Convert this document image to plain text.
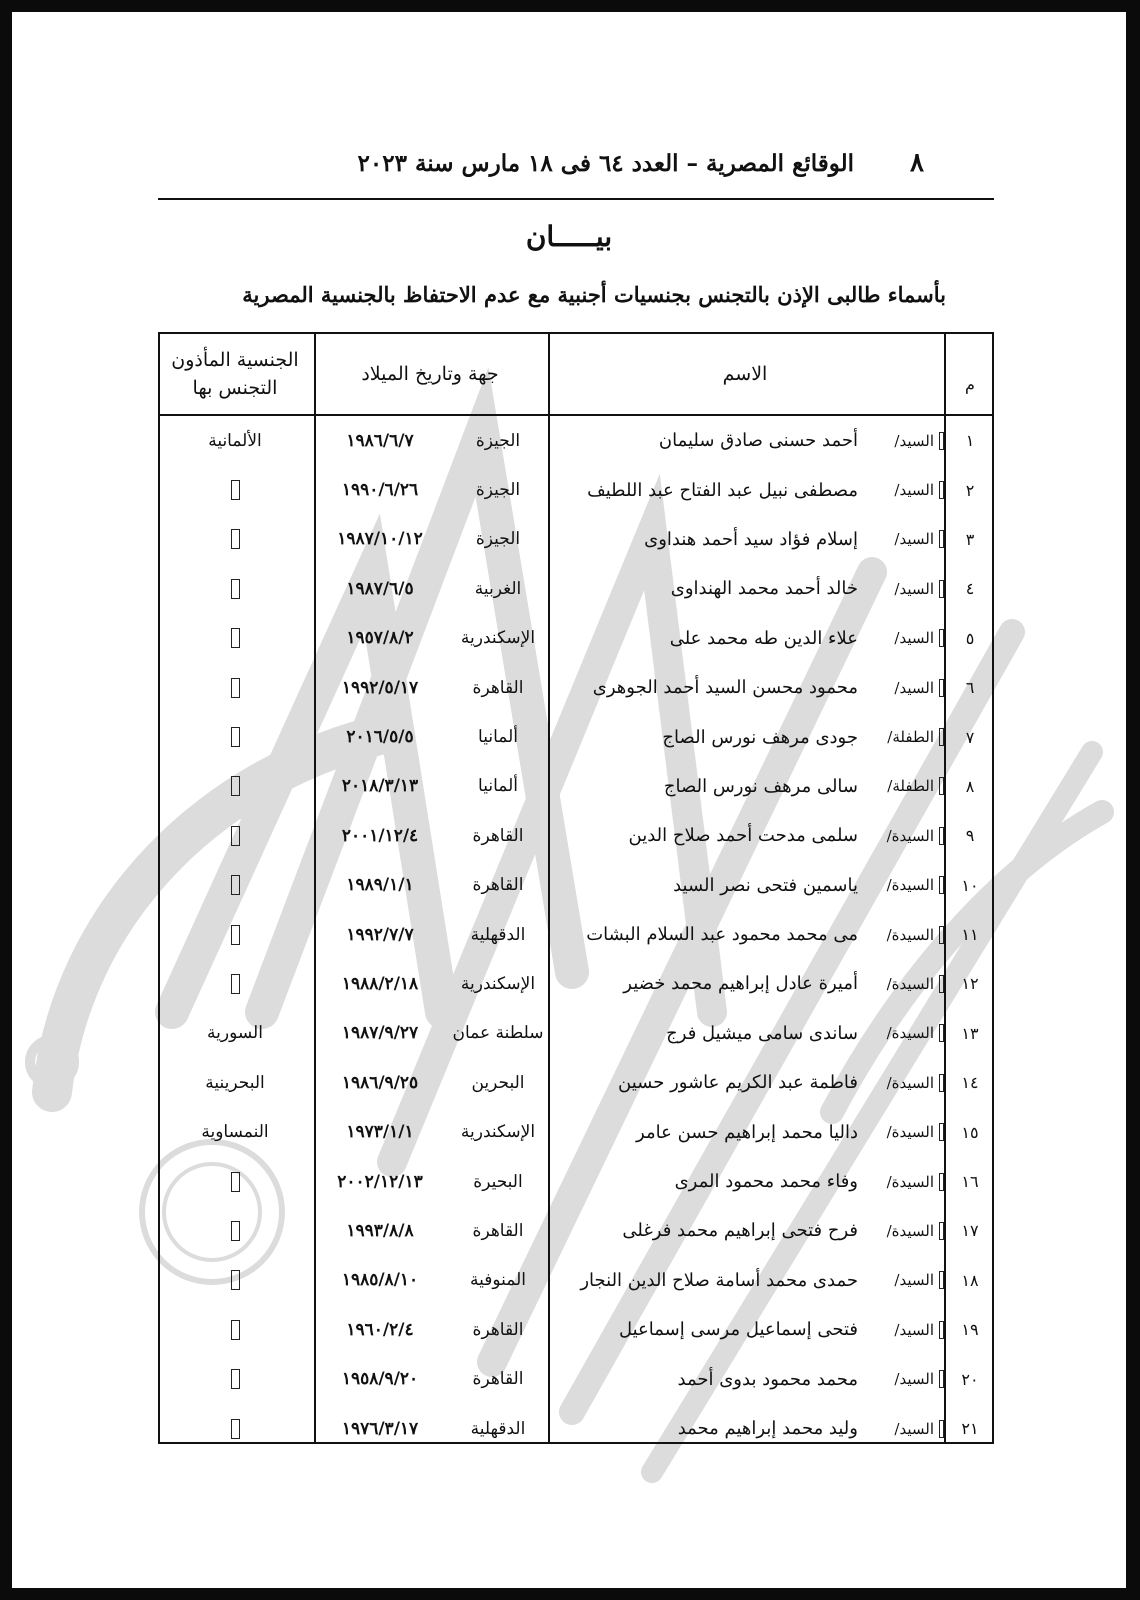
الوقائع المصرية – العدد ٦٤ فى ١٨ مارس سنة ٢٠٢٣ ٨
بيـــــان
بأسماء طالبى الإذن بالتجنس بجنسيات أجنبية مع عدم الاحتفاظ بالجنسية المصرية
م
الاسم
جهة وتاريخ الميلاد
الجنسية المأذون
التجنس بها
١
السيد/
أحمد حسنى صادق سليمان
الجيزة
١٩٨٦/٦/٧
الألمانية
٢
السيد/
مصطفى نبيل عبد الفتاح عبد اللطيف
الجيزة
١٩٩٠/٦/٢٦
٣
السيد/
إسلام فؤاد سيد أحمد هنداوى
الجيزة
١٩٨٧/١٠/١٢
٤
السيد/
خالد أحمد محمد الهنداوى
الغربية
١٩٨٧/٦/٥
٥
السيد/
علاء الدين طه محمد على
الإسكندرية
١٩٥٧/٨/٢
٦
السيد/
محمود محسن السيد أحمد الجوهرى
القاهرة
١٩٩٢/٥/١٧
٧
الطفلة/
جودى مرهف نورس الصاج
ألمانيا
٢٠١٦/٥/٥
٨
الطفلة/
سالى مرهف نورس الصاج
ألمانيا
٢٠١٨/٣/١٣
٩
السيدة/
سلمى مدحت أحمد صلاح الدين
القاهرة
٢٠٠١/١٢/٤
١٠
السيدة/
ياسمين فتحى نصر السيد
القاهرة
١٩٨٩/١/١
١١
السيدة/
مى محمد محمود عبد السلام البشات
الدقهلية
١٩٩٢/٧/٧
١٢
السيدة/
أميرة عادل إبراهيم محمد خضير
الإسكندرية
١٩٨٨/٢/١٨
١٣
السيدة/
ساندى سامى ميشيل فرج
سلطنة عمان
١٩٨٧/٩/٢٧
السورية
١٤
السيدة/
فاطمة عبد الكريم عاشور حسين
البحرين
١٩٨٦/٩/٢٥
البحرينية
١٥
السيدة/
داليا محمد إبراهيم حسن عامر
الإسكندرية
١٩٧٣/١/١
النمساوية
١٦
السيدة/
وفاء محمد محمود المرى
البحيرة
٢٠٠٢/١٢/١٣
١٧
السيدة/
فرح فتحى إبراهيم محمد فرغلى
القاهرة
١٩٩٣/٨/٨
١٨
السيد/
حمدى محمد أسامة صلاح الدين النجار
المنوفية
١٩٨٥/٨/١٠
١٩
السيد/
فتحى إسماعيل مرسى إسماعيل
القاهرة
١٩٦٠/٢/٤
٢٠
السيد/
محمد محمود بدوى أحمد
القاهرة
١٩٥٨/٩/٢٠
٢١
السيد/
وليد محمد إبراهيم محمد
الدقهلية
١٩٧٦/٣/١٧
